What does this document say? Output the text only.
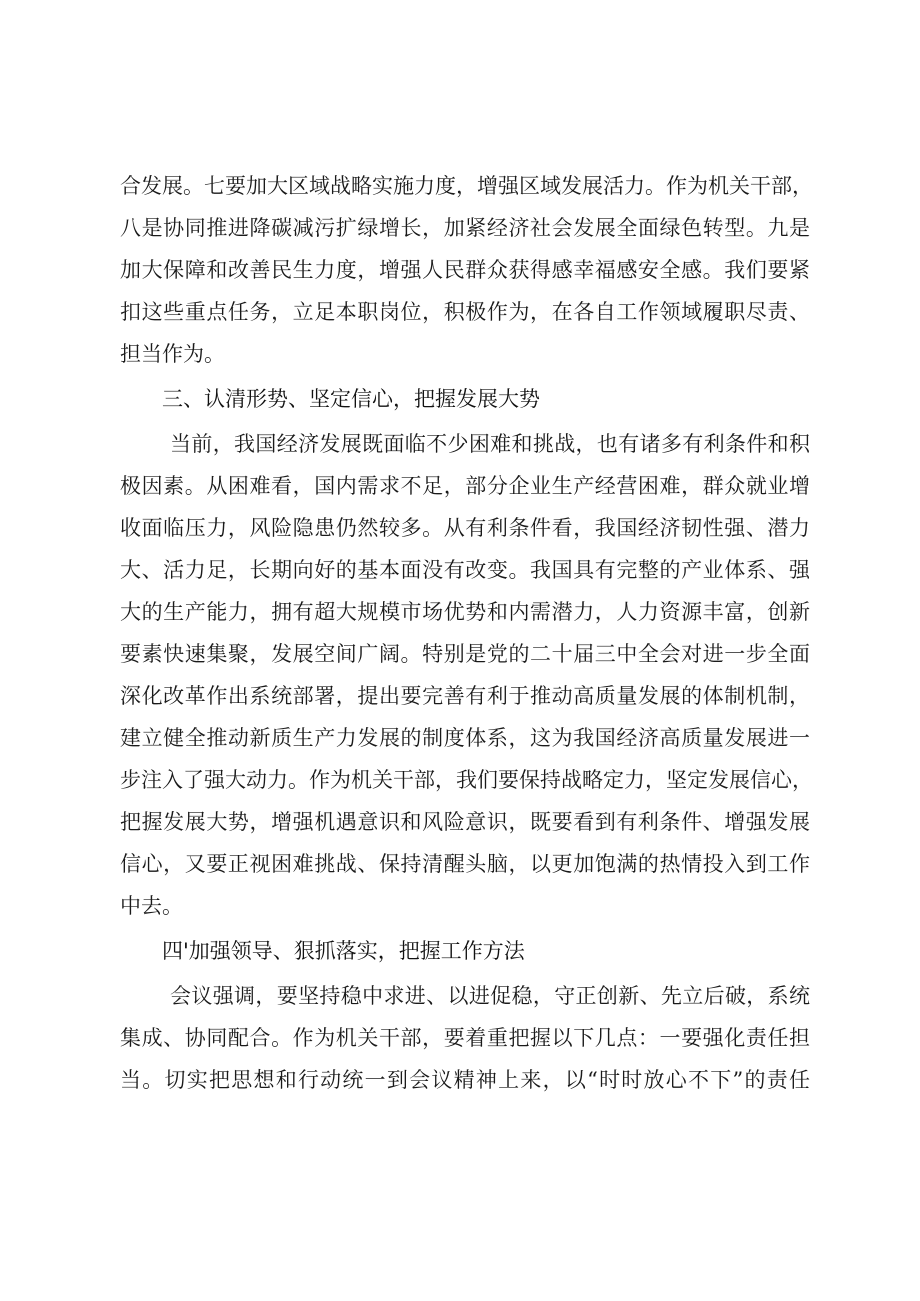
合发展。七要加大区域战略实施力度，增强区域发展活力。作为机关干部，
八是协同推进降碳减污扩绿增长，加紧经济社会发展全面绿色转型。九是
加大保障和改善民生力度，增强人民群众获得感幸福感安全感。我们要紧
扣这些重点任务，立足本职岗位，积极作为，在各自工作领域履职尽责、
担当作为。
三、认清形势、坚定信心，把握发展大势
当前，我国经济发展既面临不少困难和挑战，也有诸多有利条件和积
极因素。从困难看，国内需求不足，部分企业生产经营困难，群众就业增
收面临压力，风险隐患仍然较多。从有利条件看，我国经济韧性强、潜力
大、活力足，长期向好的基本面没有改变。我国具有完整的产业体系、强
大的生产能力，拥有超大规模市场优势和内需潜力，人力资源丰富，创新
要素快速集聚，发展空间广阔。特别是党的二十届三中全会对进一步全面
深化改革作出系统部署，提出要完善有利于推动高质量发展的体制机制，
建立健全推动新质生产力发展的制度体系，这为我国经济高质量发展进一
步注入了强大动力。作为机关干部，我们要保持战略定力，坚定发展信心，
把握发展大势，增强机遇意识和风险意识，既要看到有利条件、增强发展
信心，又要正视困难挑战、保持清醒头脑，以更加饱满的热情投入到工作
中去。
四'加强领导、狠抓落实，把握工作方法
会议强调，要坚持稳中求进、以进促稳，守正创新、先立后破，系统
集成、协同配合。作为机关干部，要着重把握以下几点：一要强化责任担
当。切实把思想和行动统一到会议精神上来，以“时时放心不下”的责任
